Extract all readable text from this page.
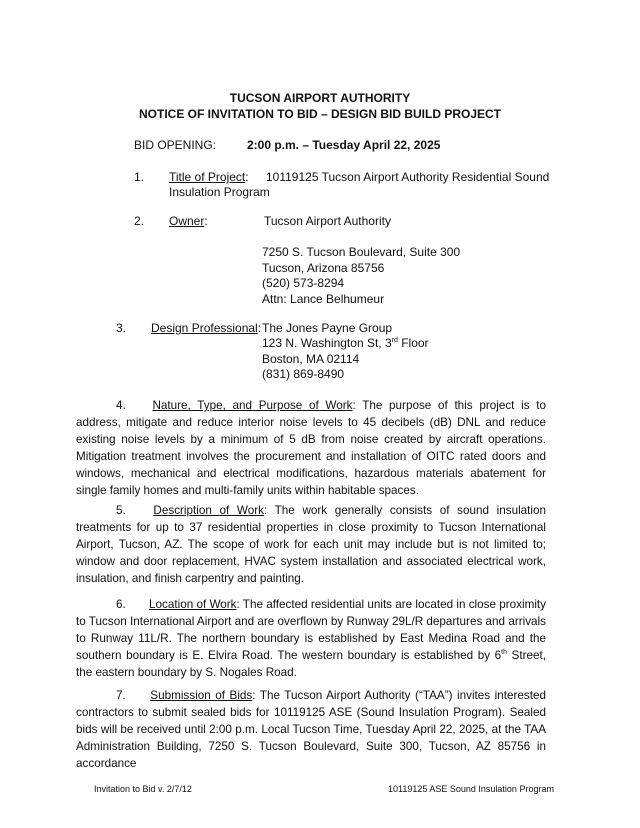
TUCSON AIRPORT AUTHORITY
NOTICE OF INVITATION TO BID – DESIGN BID BUILD PROJECT
BID OPENING:	2:00 p.m. – Tuesday April 22, 2025
1. Title of Project: 10119125 Tucson Airport Authority Residential Sound
Insulation Program
2. Owner:	Tucson Airport Authority
7250 S. Tucson Boulevard, Suite 300
Tucson, Arizona 85756
(520) 573-8294
Attn: Lance Belhumeur
3. Design Professional: The Jones Payne Group
123 N. Washington St, 3rd Floor
Boston, MA 02114
(831) 869-8490
4. Nature, Type, and Purpose of Work: The purpose of this project is to address, mitigate and reduce interior noise levels to 45 decibels (dB) DNL and reduce existing noise levels by a minimum of 5 dB from noise created by aircraft operations. Mitigation treatment involves the procurement and installation of OITC rated doors and windows, mechanical and electrical modifications, hazardous materials abatement for single family homes and multi-family units within habitable spaces.
5. Description of Work: The work generally consists of sound insulation treatments for up to 37 residential properties in close proximity to Tucson International Airport, Tucson, AZ. The scope of work for each unit may include but is not limited to; window and door replacement, HVAC system installation and associated electrical work, insulation, and finish carpentry and painting.
6. Location of Work: The affected residential units are located in close proximity to Tucson International Airport and are overflown by Runway 29L/R departures and arrivals to Runway 11L/R. The northern boundary is established by East Medina Road and the southern boundary is E. Elvira Road. The western boundary is established by 6th Street, the eastern boundary by S. Nogales Road.
7. Submission of Bids: The Tucson Airport Authority (“TAA”) invites interested contractors to submit sealed bids for 10119125 ASE (Sound Insulation Program). Sealed bids will be received until 2:00 p.m. Local Tucson Time, Tuesday April 22, 2025, at the TAA Administration Building, 7250 S. Tucson Boulevard, Suite 300, Tucson, AZ 85756 in accordance
Invitation to Bid v. 2/7/12	10119125 ASE Sound Insulation Program
